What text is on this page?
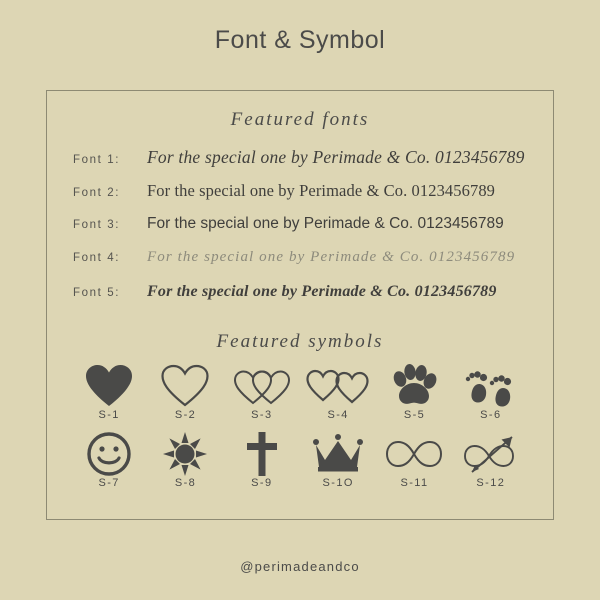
Font & Symbol
Featured fonts
Font 1:	For the special one by Perimade & Co. 0123456789
Font 2:	For the special one by Perimade & Co. 0123456789
Font 3:	For the special one by Perimade & Co. 0123456789
Font 4:	For the special one by Perimade & Co. 0123456789
Font 5:	For the special one by Perimade & Co. 0123456789
Featured symbols
S-1	S-2	S-3	S-4	S-5	S-6
S-7	S-8	S-9	S-1O	S-11	S-12
@perimadeandco
